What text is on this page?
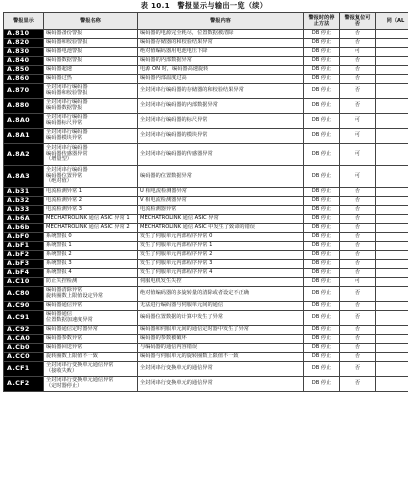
表 10.1　警报显示与输出一览（续）
警报显示	警报名称	警报内容	警报时的停止方法	警报复位可否	同（AL
A.810	编码器备份警报	编码器的电源完全耗尽，位置数据被清除	DB 停止	否	
A.820	编码器和校验警报	编码器存储器的和校验结果异常	DB 停止	否	
A.830	编码器电池警报	绝对值编码器用电池电压下降	DB 停止	可	
A.840	编码器数据警报	编码器的内部数据异常	DB 停止	否	
A.850	编码器超速	电源 ON 时，编码器高速旋转	DB 停止	否	
A.860	编码器过热	编码器内部温度过高	DB 停止	否	
A.870	全封闭串行编码器
编码器和校验警报	全封闭串行编码器的存储器的和校验结果异常	DB 停止	否	
A.880	全封闭串行编码器
编码器数据警报	全封闭串行编码器的内部数据异常	DB 停止	否	
A.8A0	全封闭串行编码器
编码器标尺异常	全封闭串行编码器的标尺异常	DB 停止	可	
A.8A1	全封闭串行编码器
编码器模块异常	全封闭串行编码器的模块异常	DB 停止	可	
A.8A2	全封闭串行编码器
编码器传感器异常
（增量型）	全封闭串行编码器的传感器异常	DB 停止	可	
A.8A3	全封闭串行编码器
编码器位置异常
（绝对值）	编码器的位置数据异常	DB 停止	可	
A.b31	电流检测异常 1	U 相电流检测器异常	DB 停止	否	
A.b32	电流检测异常 2	V 相电流检测器异常	DB 停止	否	
A.b33	电流检测异常 3	电流检测器异常	DB 停止	否	
A.b6A	MECHATROLINK 通信 ASIC 异常 1	MECHATROLINK 通信 ASIC 异常	DB 停止	否	
A.b6b	MECHATROLINK 通信 ASIC 异常 2	MECHATROLINK 通信 ASIC 中发生了致命的错误	DB 停止	否	
A.bF0	系统警报 0	发生了伺服单元内部程序异常 0	DB 停止	否	
A.bF1	系统警报 1	发生了伺服单元内部程序异常 1	DB 停止	否	
A.bF2	系统警报 2	发生了伺服单元内部程序异常 2	DB 停止	否	
A.bF3	系统警报 3	发生了伺服单元内部程序异常 3	DB 停止	否	
A.bF4	系统警报 4	发生了伺服单元内部程序异常 4	DB 停止	否	
A.C10	防止失控检测	伺服电机发生失控	DB 停止	可	
A.C80	编码器清除异常
旋转圈数上限值设定异常	绝对值编码器的多旋转量的清除或者设定不正确	DB 停止	否	
A.C90	编码器通信异常	无法进行编码器与伺服单元间的通信	DB 停止	否	
A.C91	编码器通信
位置数据加速度异常	编码器位置数据的计算中发生了异常	DB 停止	否	
A.C92	编码器通信定时器异常	编码器和伺服单元间的通信定时器中发生了异常	DB 停止	否	
A.CA0	编码器参数异常	编码器的参数被破坏	DB 停止	否	
A.Cb0	编码器回送异常	与编码器的通信内容错误	DB 停止	否	
A.CC0	旋转圈数上限值不一致	编码器与伺服单元的旋转圈数上限值不一致	DB 停止	否	
A.CF1	全封闭串行变换单元通信异常
（接收失败）	全封闭串行变换单元的通信异常	DB 停止	否	
A.CF2	全封闭串行变换单元通信异常
（定时器停止）	全封闭串行变换单元的通信异常	DB 停止	否	
